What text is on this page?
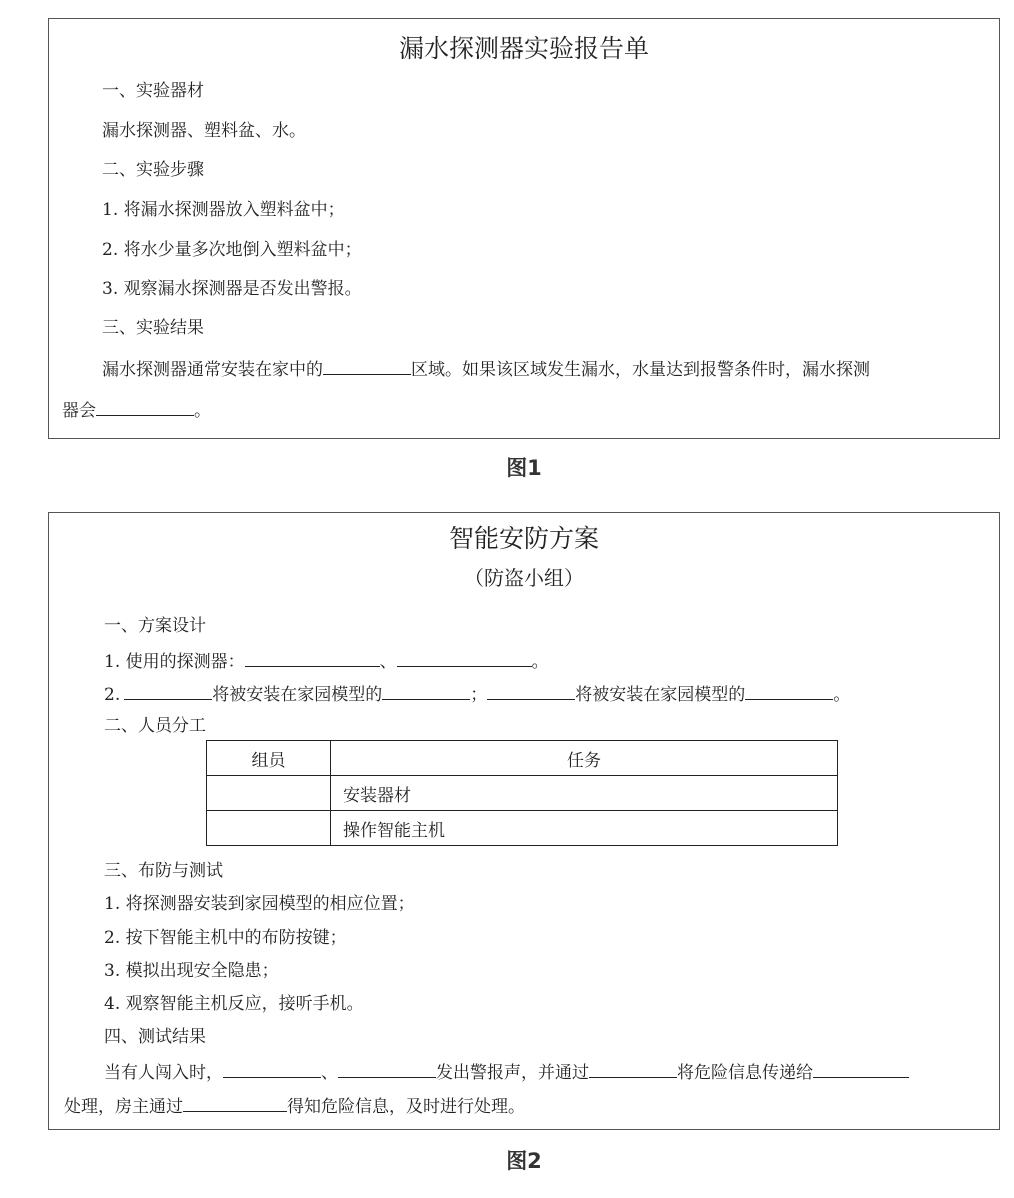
漏水探测器实验报告单
一、实验器材
漏水探测器、塑料盆、水。
二、实验步骤
1. 将漏水探测器放入塑料盆中；
2. 将水少量多次地倒入塑料盆中；
3. 观察漏水探测器是否发出警报。
三、实验结果
漏水探测器通常安装在家中的	区域。如果该区域发生漏水，水量达到报警条件时，漏水探测
器会	。
图1
智能安防方案
（防盗小组）
一、方案设计
1. 使用的探测器：	、	。
2.	将被安装在家园模型的	；	将被安装在家园模型的	。
二、人员分工
组员	任务
	安装器材
	操作智能主机
三、布防与测试
1. 将探测器安装到家园模型的相应位置；
2. 按下智能主机中的布防按键；
3. 模拟出现安全隐患；
4. 观察智能主机反应，接听手机。
四、测试结果
当有人闯入时，	、	发出警报声，并通过	将危险信息传递给
处理，房主通过	得知危险信息，及时进行处理。
图2
